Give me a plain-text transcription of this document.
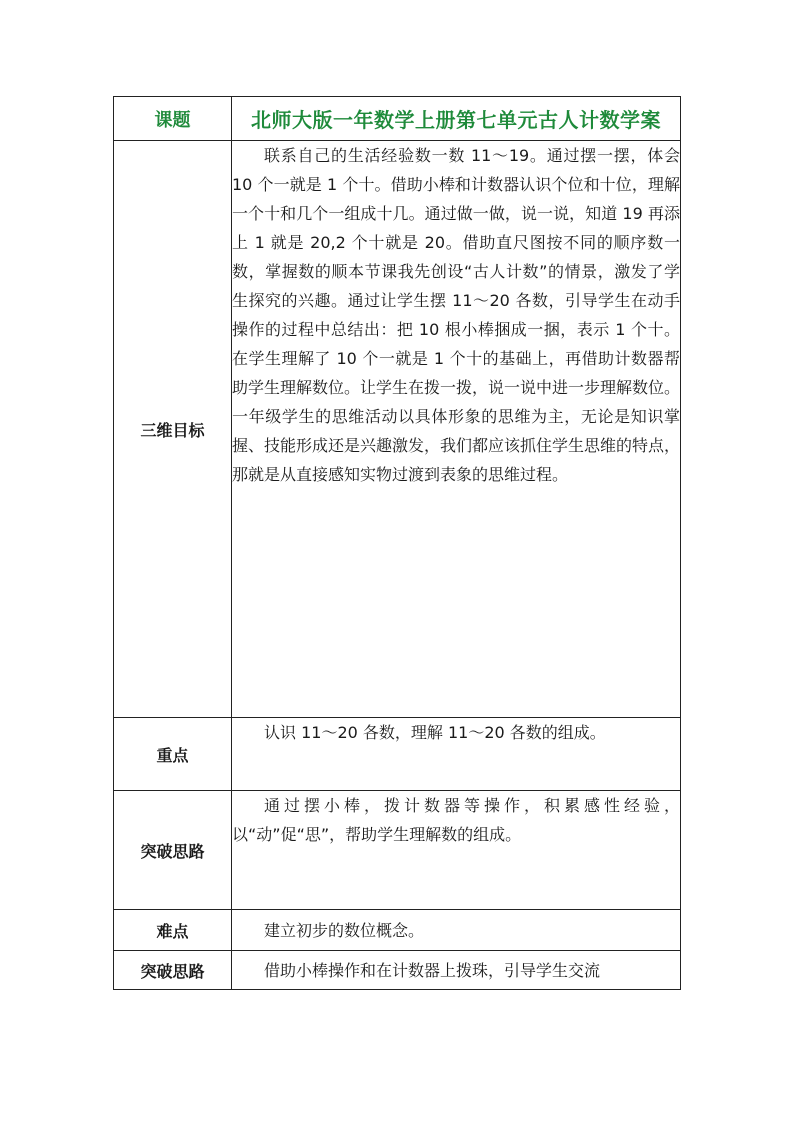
课题	北师大版一年数学上册第七单元古人计数学案
三维目标	联系自己的生活经验数一数 11～19。通过摆一摆，体会 10 个一就是 1 个十。借助小棒和计数器认识个位和十位，理解一个十和几个一组成十几。通过做一做，说一说，知道 19 再添上 1 就是 20,2 个十就是 20。借助直尺图按不同的顺序数一数，掌握数的顺本节课我先创设“古人计数”的情景，激发了学生探究的兴趣。通过让学生摆 11～20 各数，引导学生在动手操作的过程中总结出：把 10 根小棒捆成一捆，表示 1 个十。在学生理解了 10 个一就是 1 个十的基础上，再借助计数器帮助学生理解数位。让学生在拨一拨，说一说中进一步理解数位。一年级学生的思维活动以具体形象的思维为主，无论是知识掌握、技能形成还是兴趣激发，我们都应该抓住学生思维的特点，那就是从直接感知实物过渡到表象的思维过程。
重点	认识 11～20 各数，理解 11～20 各数的组成。
突破思路	通过摆小棒，拨计数器等操作，积累感性经验，以“动”促“思”，帮助学生理解数的组成。
难点	建立初步的数位概念。
突破思路	借助小棒操作和在计数器上拨珠，引导学生交流
